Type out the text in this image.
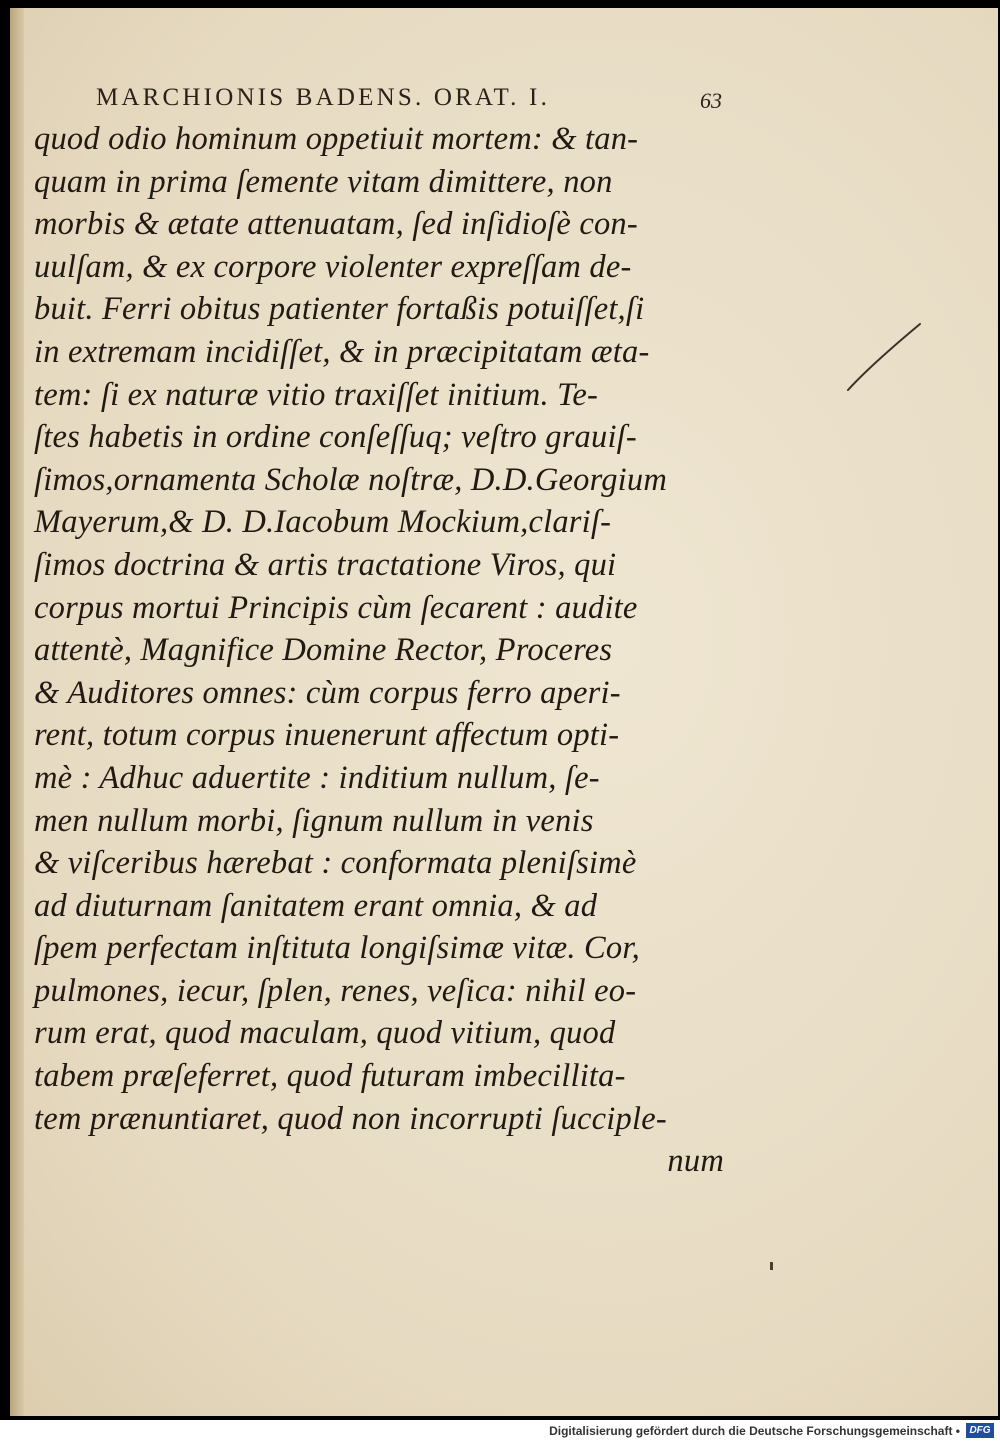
MARCHIONIS BADENS. ORAT. I.	63
quod odio hominum oppetiuit mortem: & tan-
quam in prima ſemente vitam dimittere, non
morbis & ætate attenuatam, ſed inſidioſè con-
uulſam, & ex corpore violenter expreſſam de-
buit. Ferri obitus patienter fortaßis potuiſſet,ſi
in extremam incidiſſet, & in præcipitatam æta-
tem: ſi ex naturæ vitio traxiſſet initium. Te-
ſtes habetis in ordine conſeſſuq; veſtro grauiſ-
ſimos,ornamenta Scholæ noſtræ, D.D.Georgium
Mayerum,& D. D.Iacobum Mockium,clariſ-
ſimos doctrina & artis tractatione Viros, qui
corpus mortui Principis cùm ſecarent : audite
attentè, Magnifice Domine Rector, Proceres
& Auditores omnes: cùm corpus ferro aperi-
rent, totum corpus inuenerunt affectum opti-
mè : Adhuc aduertite : inditium nullum, ſe-
men nullum morbi, ſignum nullum in venis
& viſceribus hærebat : conformata pleniſsimè
ad diuturnam ſanitatem erant omnia, & ad
ſpem perfectam inſtituta longiſsimæ vitæ. Cor,
pulmones, iecur, ſplen, renes, veſica: nihil eo-
rum erat, quod maculam, quod vitium, quod
tabem præſeferret, quod futuram imbecillita-
tem prænuntiaret, quod non incorrupti ſucciple-
num
Digitalisierung gefördert durch die Deutsche Forschungsgemeinschaft • DFG
